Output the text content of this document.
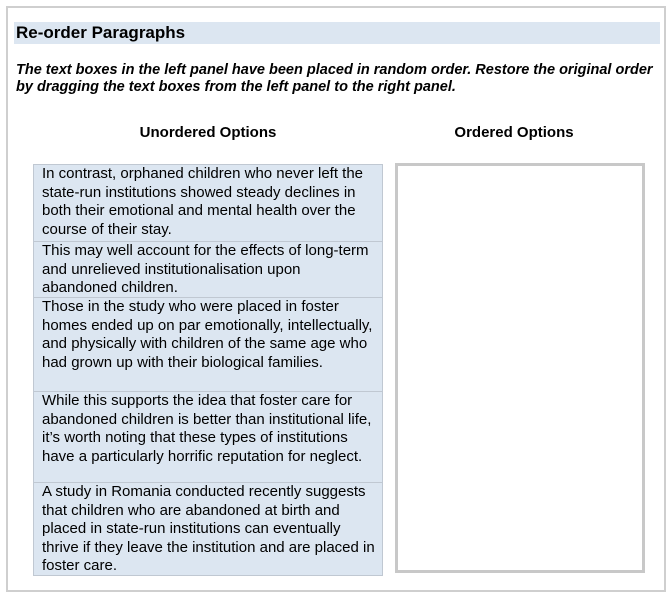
Re-order Paragraphs
The text boxes in the left panel have been placed in random order. Restore the original order by dragging the text boxes from the left panel to the right panel.
Unordered Options	Ordered Options
In contrast, orphaned children who never left the state-run institutions showed steady declines in both their emotional and mental health over the course of their stay.
This may well account for the effects of long-term and unrelieved institutionalisation upon abandoned children.
Those in the study who were placed in foster homes ended up on par emotionally, intellectually, and physically with children of the same age who had grown up with their biological families.
While this supports the idea that foster care for abandoned children is better than institutional life, it’s worth noting that these types of institutions have a particularly horrific reputation for neglect.
A study in Romania conducted recently suggests that children who are abandoned at birth and placed in state-run institutions can eventually thrive if they leave the institution and are placed in foster care.
